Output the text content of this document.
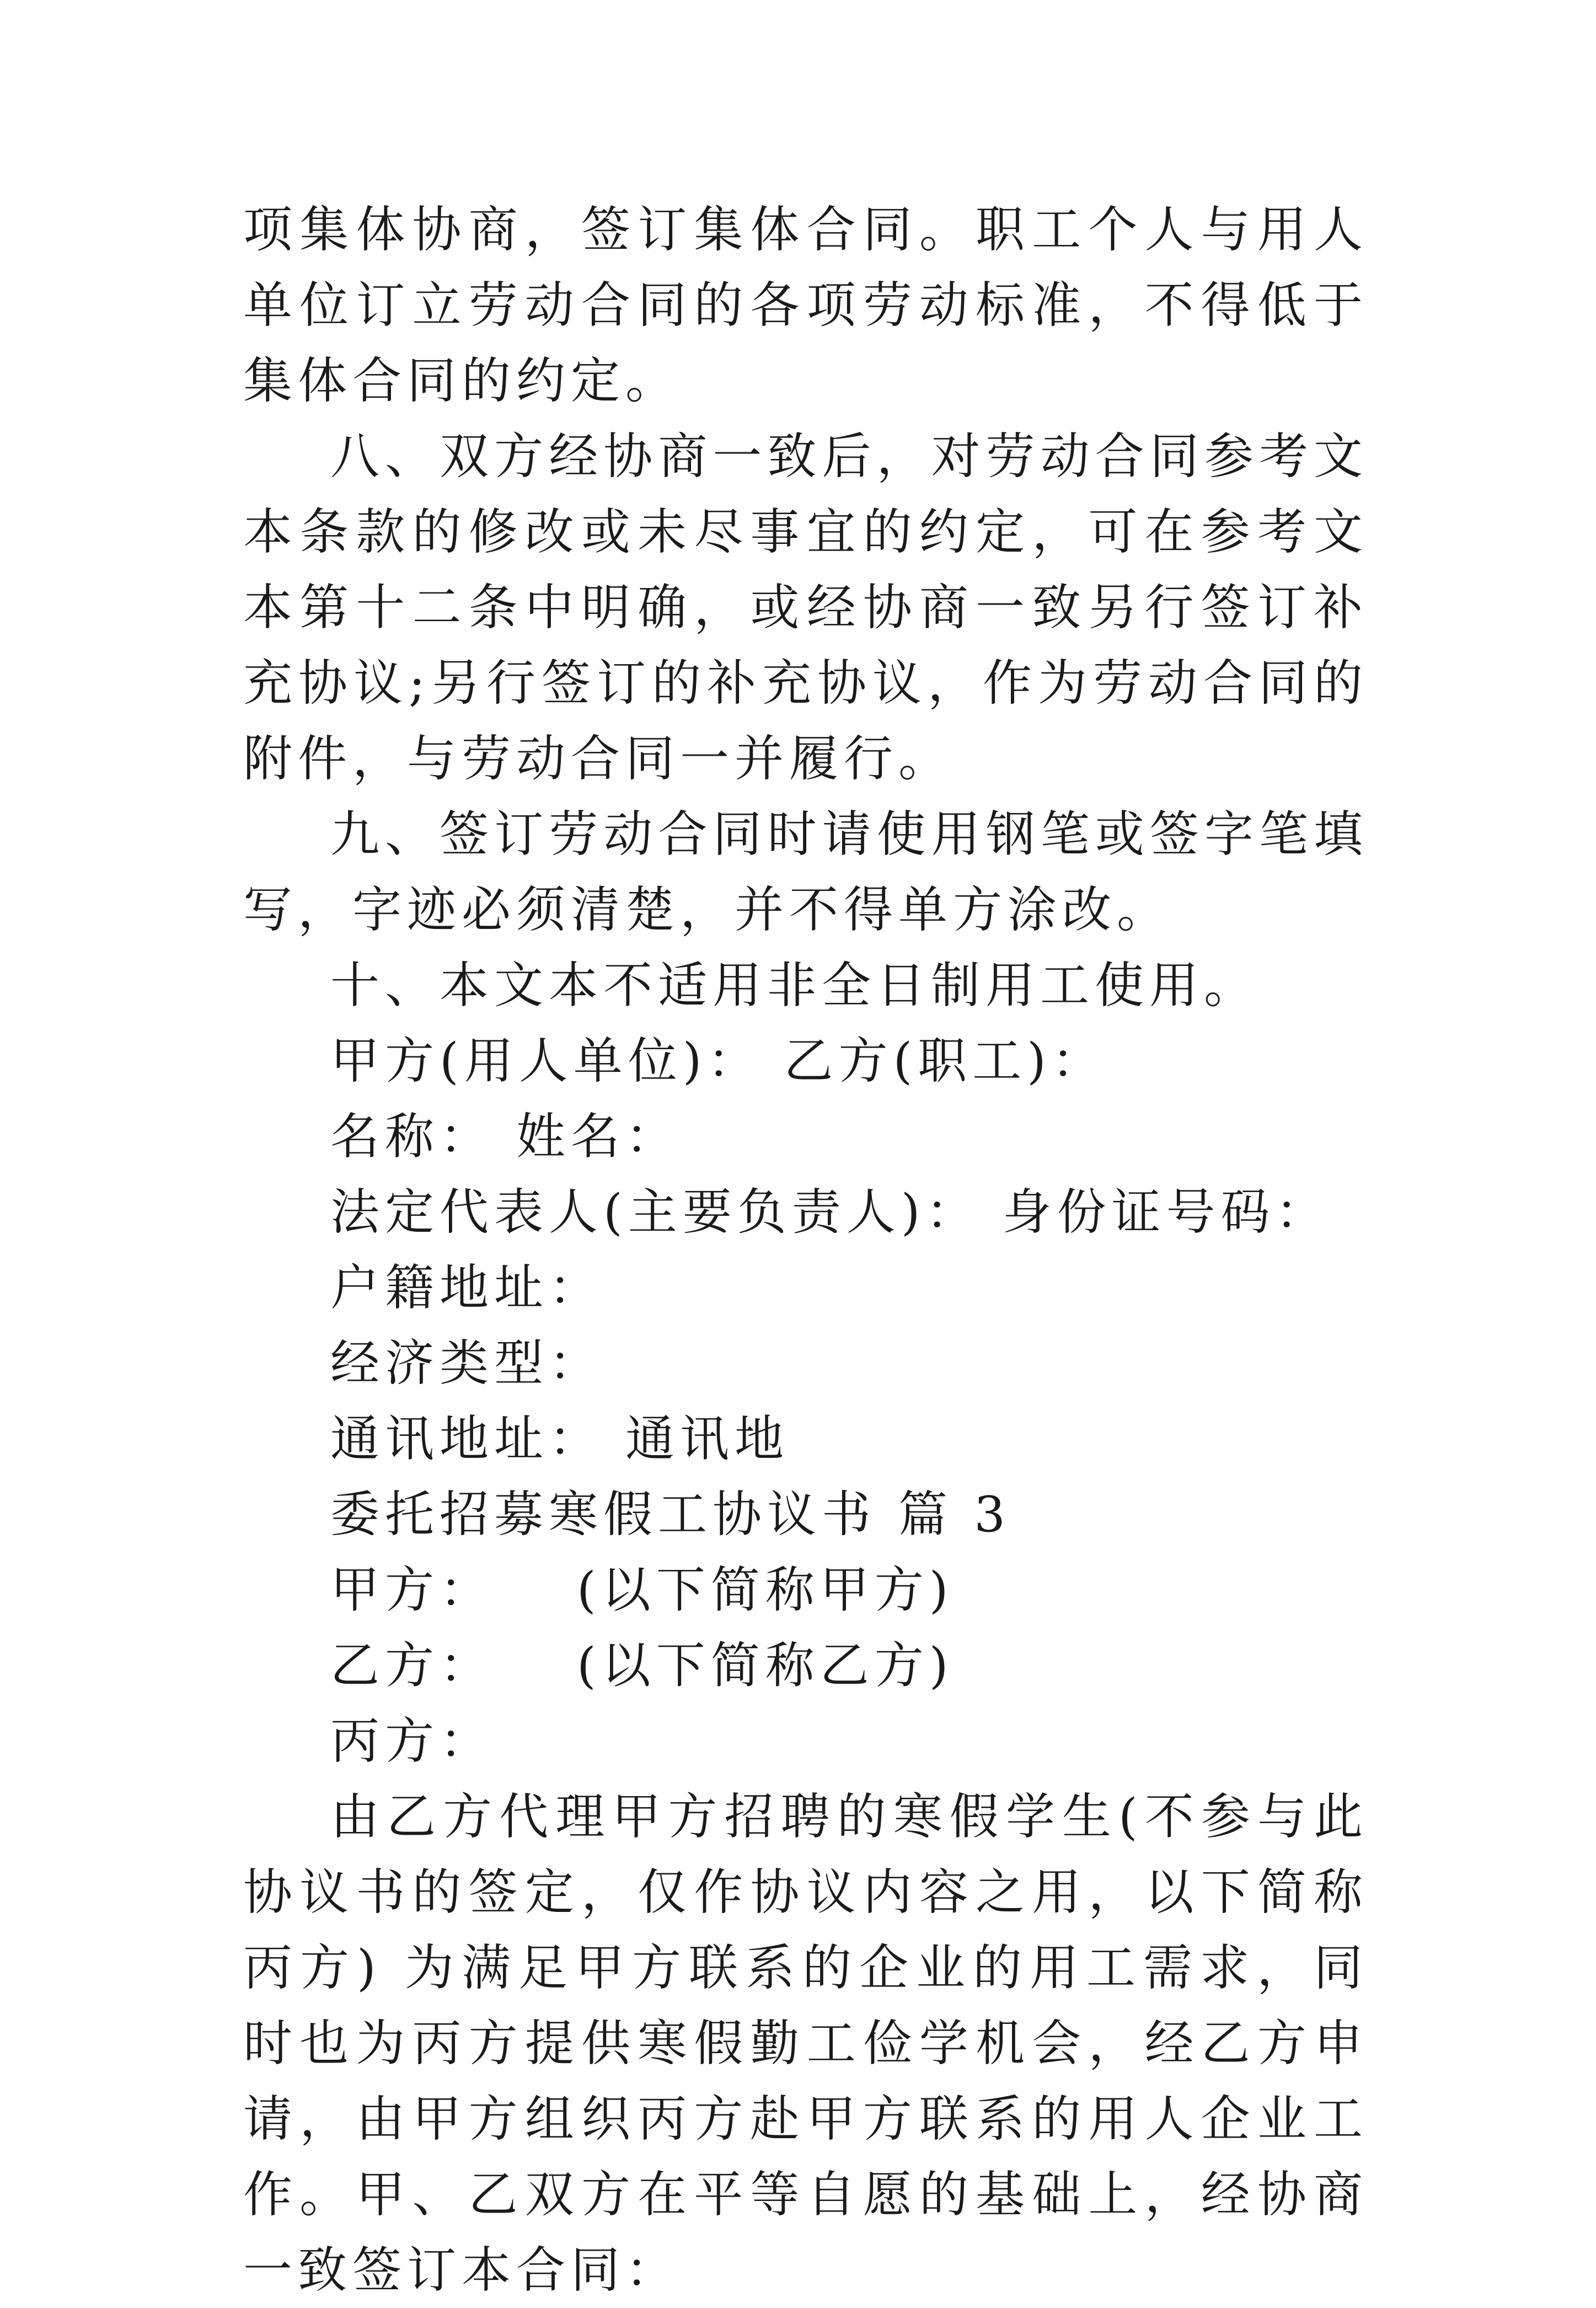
项集体协商，签订集体合同。职工个人与用人单位订立劳动合同的各项劳动标准，不得低于集体合同的约定。

八、双方经协商一致后，对劳动合同参考文本条款的修改或未尽事宜的约定，可在参考文本第十二条中明确，或经协商一致另行签订补充协议;另行签订的补充协议，作为劳动合同的附件，与劳动合同一并履行。

九、签订劳动合同时请使用钢笔或签字笔填写，字迹必须清楚，并不得单方涂改。

十、本文本不适用非全日制用工使用。

甲方(用人单位)： 乙方(职工)：

名称： 姓名：

法定代表人(主要负责人)： 身份证号码：

户籍地址：

经济类型：

通讯地址： 通讯地

委托招募寒假工协议书 篇 3

甲方： (以下简称甲方)

乙方： (以下简称乙方)

丙方：

由乙方代理甲方招聘的寒假学生(不参与此协议书的签定，仅作协议内容之用，以下简称丙方) 为满足甲方联系的企业的用工需求，同时也为丙方提供寒假勤工俭学机会，经乙方申请，由甲方组织丙方赴甲方联系的用人企业工作。甲、乙双方在平等自愿的基础上，经协商一致签订本合同：
